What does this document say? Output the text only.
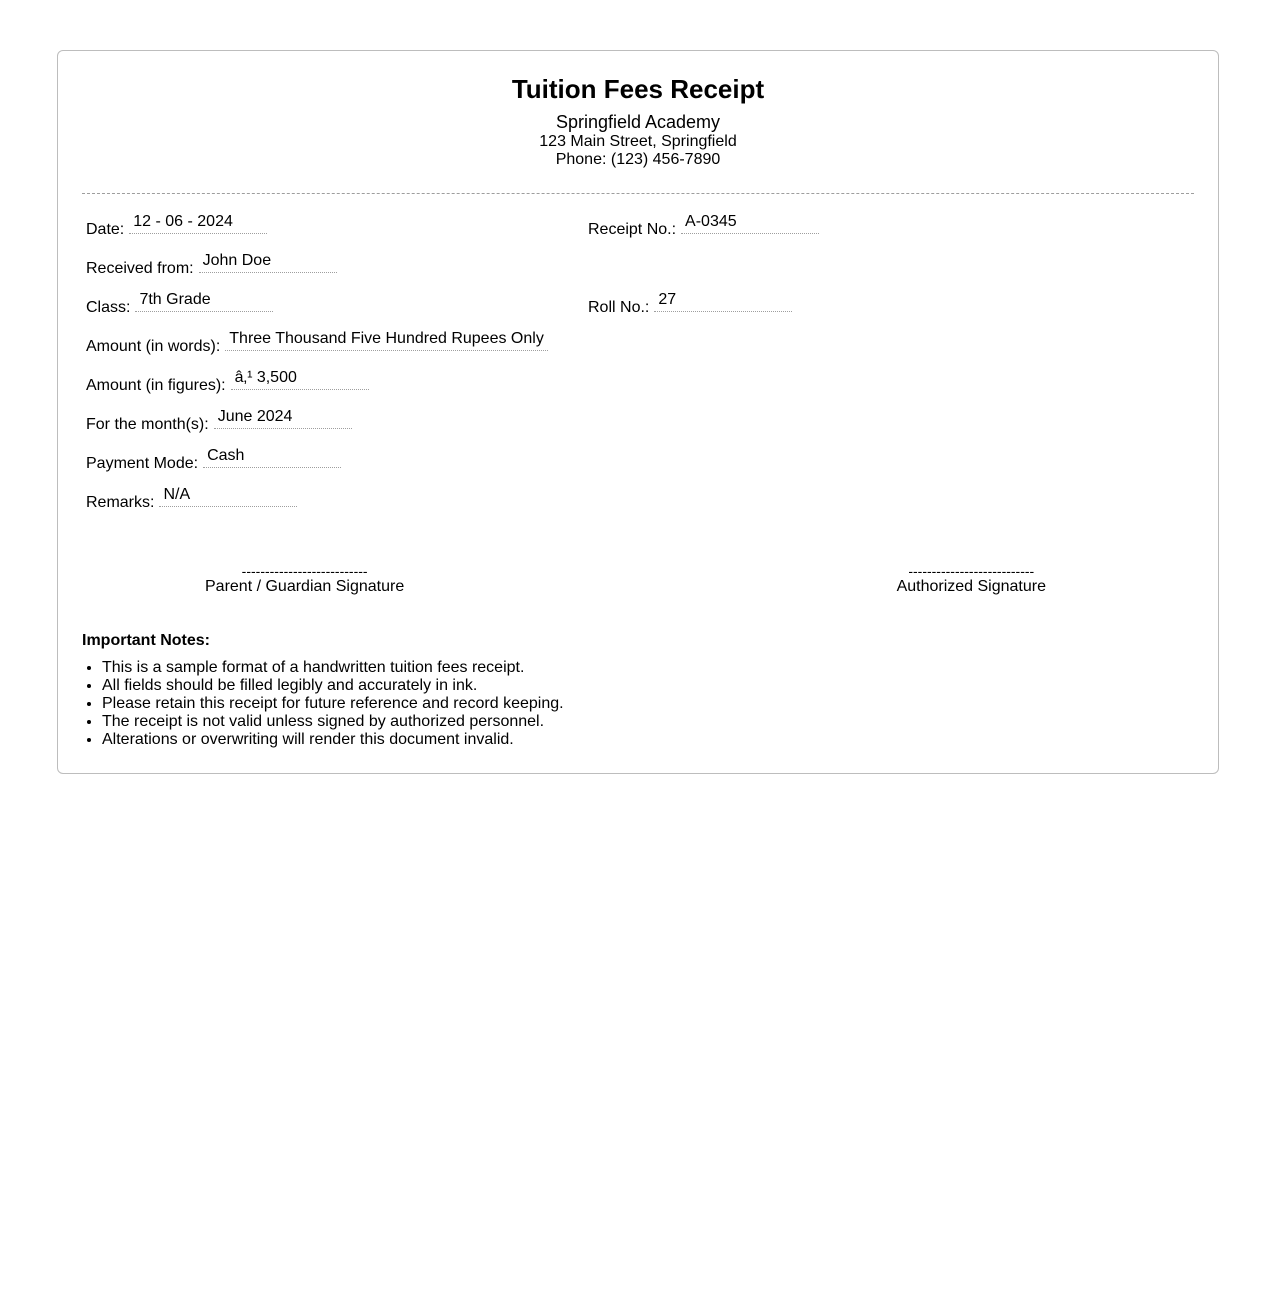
Tuition Fees Receipt
Springfield Academy
123 Main Street, Springfield
Phone: (123) 456-7890
Date: 12 - 06 - 2024	Receipt No.: A-0345
Received from: John Doe
Class: 7th Grade	Roll No.: 27
Amount (in words): Three Thousand Five Hundred Rupees Only
Amount (in figures): â‚¹ 3,500
For the month(s): June 2024
Payment Mode: Cash
Remarks: N/A
---------------------------
Parent / Guardian Signature
---------------------------
Authorized Signature
Important Notes:
• This is a sample format of a handwritten tuition fees receipt.
• All fields should be filled legibly and accurately in ink.
• Please retain this receipt for future reference and record keeping.
• The receipt is not valid unless signed by authorized personnel.
• Alterations or overwriting will render this document invalid.
